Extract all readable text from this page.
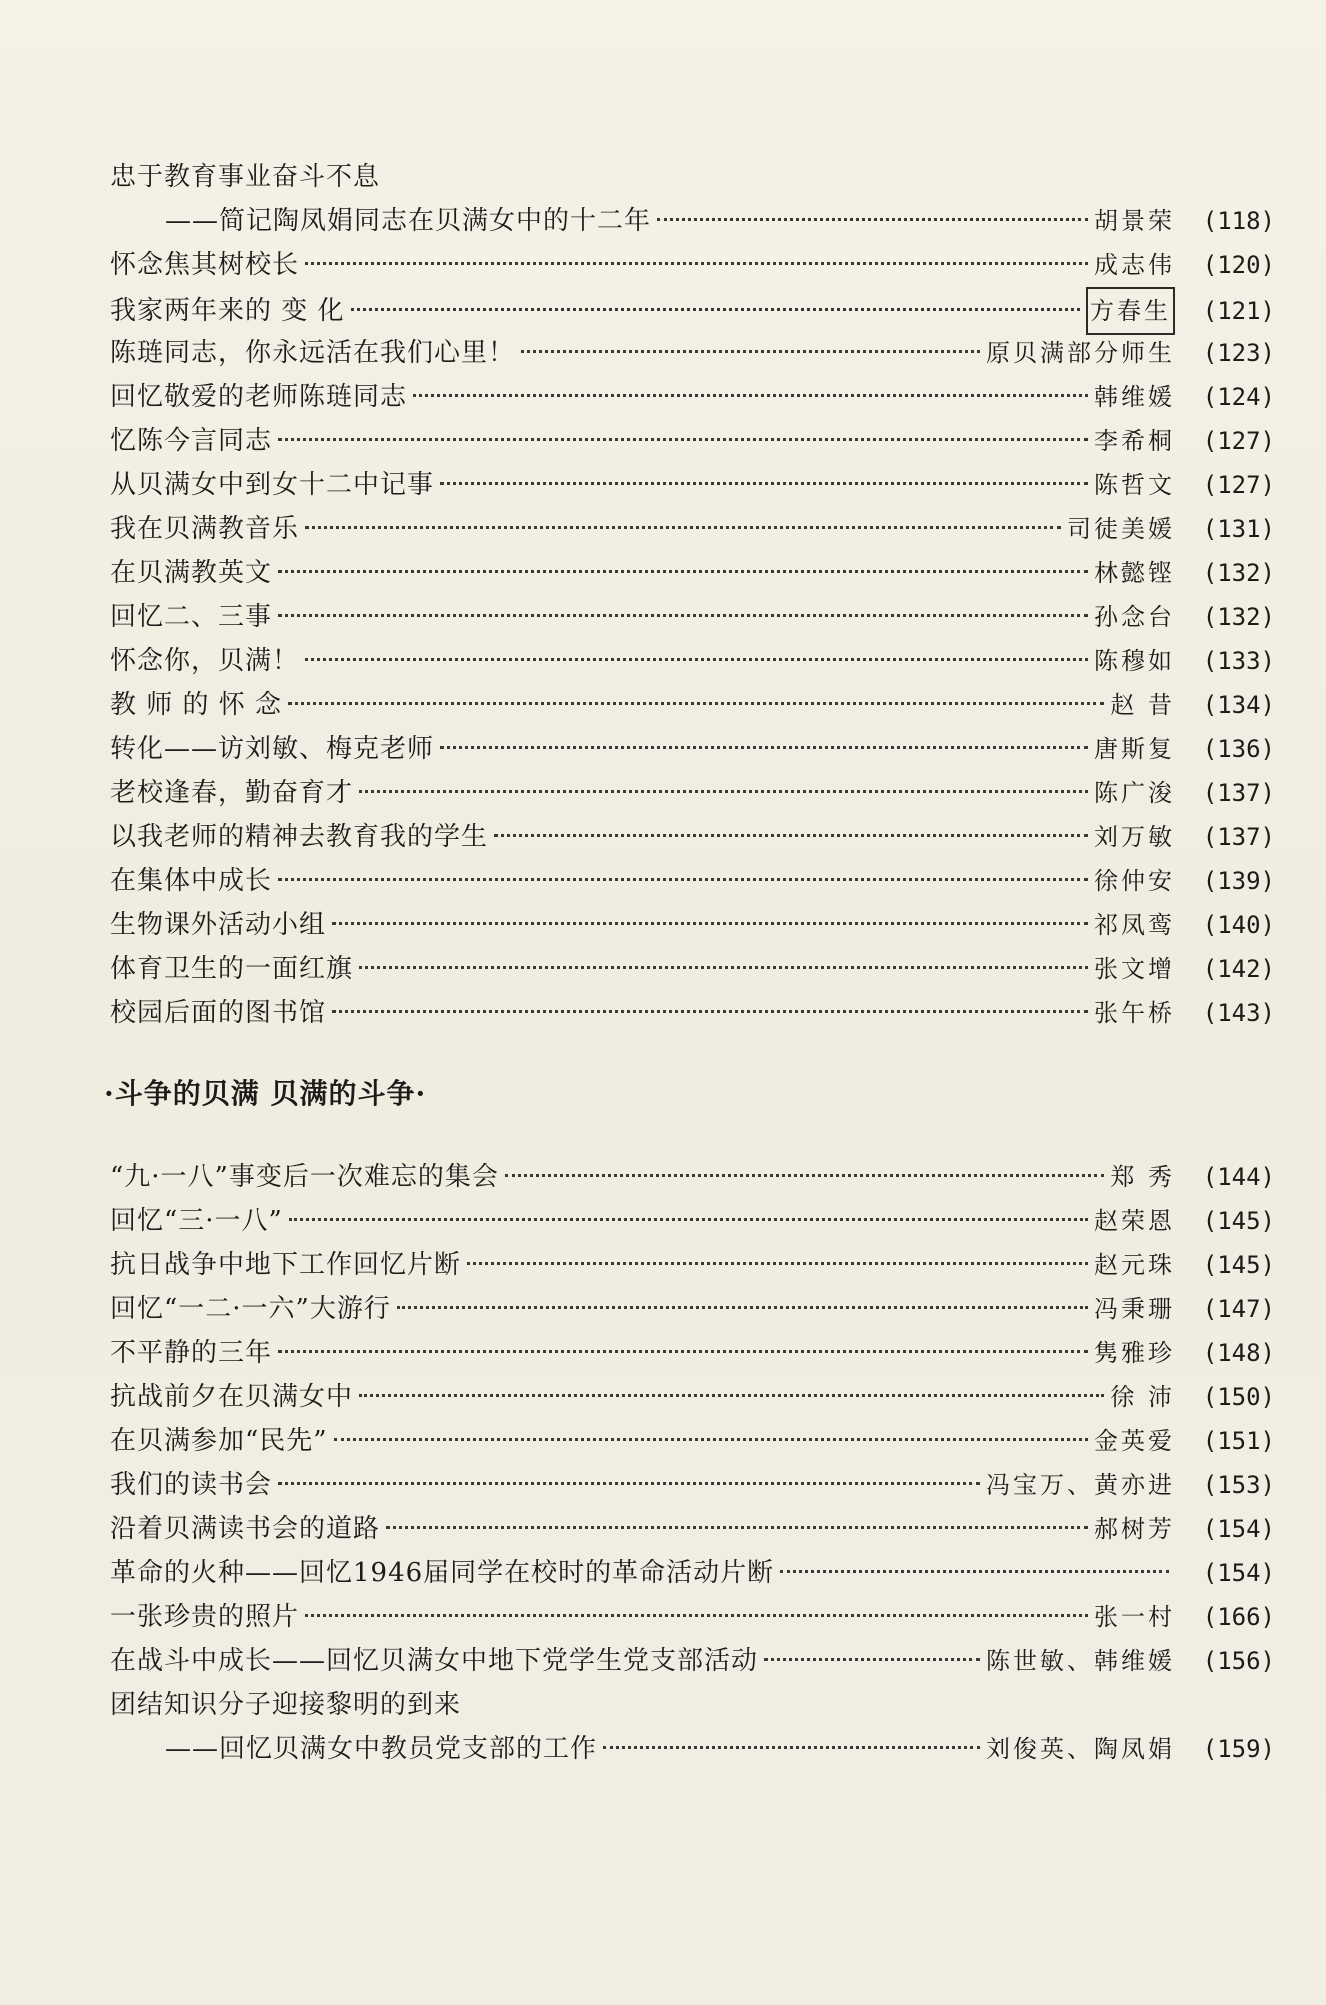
忠于教育事业奋斗不息
——简记陶凤娟同志在贝满女中的十二年	胡景荣	(118)
怀念焦其树校长	成志伟	(120)
我家两年来的 变 化	方春生	(121)
陈琏同志，你永远活在我们心里！	原贝满部分师生	(123)
回忆敬爱的老师陈琏同志	韩维媛	(124)
忆陈今言同志	李希桐	(127)
从贝满女中到女十二中记事	陈哲文	(127)
我在贝满教音乐	司徒美媛	(131)
在贝满教英文	林懿铿	(132)
回忆二、三事	孙念台	(132)
怀念你，贝满！	陈穆如	(133)
教 师 的 怀 念	赵 昔	(134)
转化——访刘敏、梅克老师	唐斯复	(136)
老校逢春，勤奋育才	陈广浚	(137)
以我老师的精神去教育我的学生	刘万敏	(137)
在集体中成长	徐仲安	(139)
生物课外活动小组	祁凤鸾	(140)
体育卫生的一面红旗	张文增	(142)
校园后面的图书馆	张午桥	(143)
·斗争的贝满 贝满的斗争·
“九·一八”事变后一次难忘的集会	郑 秀	(144)
回忆“三·一八”	赵荣恩	(145)
抗日战争中地下工作回忆片断	赵元珠	(145)
回忆“一二·一六”大游行	冯秉珊	(147)
不平静的三年	隽雅珍	(148)
抗战前夕在贝满女中	徐 沛	(150)
在贝满参加“民先”	金英爱	(151)
我们的读书会	冯宝万、黄亦进	(153)
沿着贝满读书会的道路	郝树芳	(154)
革命的火种——回忆1946届同学在校时的革命活动片断	(154)
一张珍贵的照片	张一村	(166)
在战斗中成长——回忆贝满女中地下党学生党支部活动	陈世敏、韩维媛	(156)
团结知识分子迎接黎明的到来
——回忆贝满女中教员党支部的工作	刘俊英、陶凤娟	(159)
